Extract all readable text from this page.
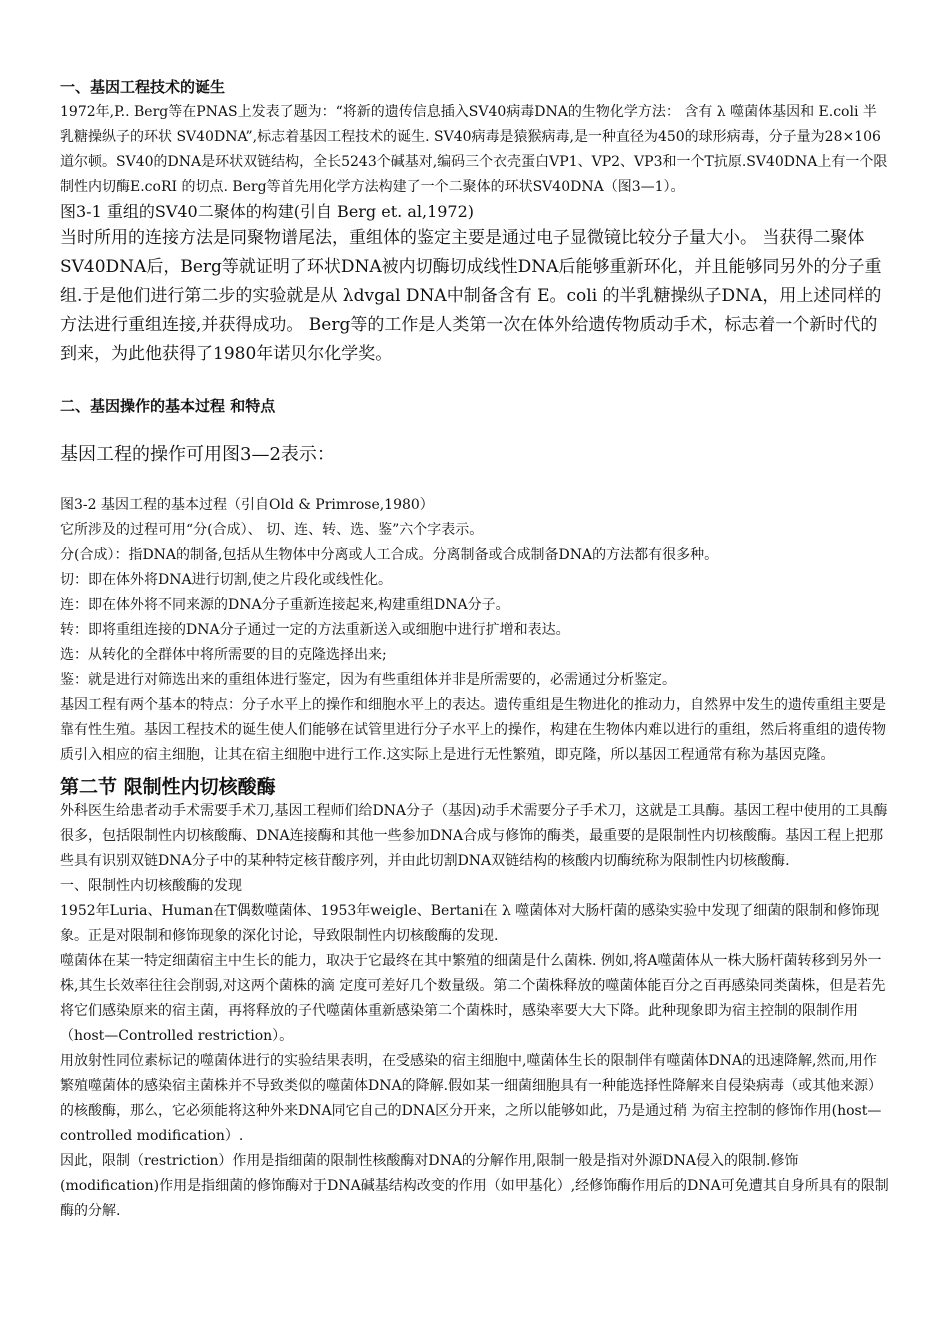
一、基因工程技术的诞生
1972年,P.. Berg等在PNAS上发表了题为：“将新的遗传信息插入SV40病毒DNA的生物化学方法： 含有 λ 噬菌体基因和 E.coli 半乳糖操纵子的环状 SV40DNA”,标志着基因工程技术的诞生. SV40病毒是猿猴病毒,是一种直径为450的球形病毒，分子量为28×106道尔顿。SV40的DNA是环状双链结构，全长5243个碱基对,编码三个衣壳蛋白VP1、VP2、VP3和一个T抗原.SV40DNA上有一个限制性内切酶E.coRⅠ 的切点. Berg等首先用化学方法构建了一个二聚体的环状SV40DNA（图3—1）。
图3-1 重组的SV40二聚体的构建(引自 Berg et. al,1972)
当时所用的连接方法是同聚物谱尾法，重组体的鉴定主要是通过电子显微镜比较分子量大小。 当获得二聚体SV40DNA后，Berg等就证明了环状DNA被内切酶切成线性DNA后能够重新环化，并且能够同另外的分子重组.于是他们进行第二步的实验就是从 λdvgal DNA中制备含有 E。coli 的半乳糖操纵子DNA，用上述同样的方法进行重组连接,并获得成功。 Berg等的工作是人类第一次在体外给遗传物质动手术，标志着一个新时代的到来，为此他获得了1980年诺贝尔化学奖。
二、基因操作的基本过程 和特点
基因工程的操作可用图3—2表示：
图3-2 基因工程的基本过程（引自Old & Primrose,1980）
它所涉及的过程可用“分(合成）、 切、连、转、选、鉴”六个字表示。
分(合成）：指DNA的制备,包括从生物体中分离或人工合成。分离制备或合成制备DNA的方法都有很多种。
切：即在体外将DNA进行切割,使之片段化或线性化。
连：即在体外将不同来源的DNA分子重新连接起来,构建重组DNA分子。
转：即将重组连接的DNA分子通过一定的方法重新送入或细胞中进行扩增和表达。
选：从转化的全群体中将所需要的目的克隆选择出来;
鉴：就是进行对筛选出来的重组体进行鉴定，因为有些重组体并非是所需要的，必需通过分析鉴定。
基因工程有两个基本的特点：分子水平上的操作和细胞水平上的表达。遗传重组是生物进化的推动力，自然界中发生的遗传重组主要是靠有性生殖。基因工程技术的诞生使人们能够在试管里进行分子水平上的操作，构建在生物体内难以进行的重组，然后将重组的遗传物质引入相应的宿主细胞，让其在宿主细胞中进行工作.这实际上是进行无性繁殖，即克隆，所以基因工程通常有称为基因克隆。
第二节 限制性内切核酸酶
外科医生给患者动手术需要手术刀,基因工程师们给DNA分子（基因)动手术需要分子手术刀，这就是工具酶。基因工程中使用的工具酶很多，包括限制性内切核酸酶、DNA连接酶和其他一些参加DNA合成与修饰的酶类，最重要的是限制性内切核酸酶。基因工程上把那些具有识别双链DNA分子中的某种特定核苷酸序列，并由此切割DNA双链结构的核酸内切酶统称为限制性内切核酸酶.
一、限制性内切核酸酶的发现
1952年Luria、Human在T偶数噬菌体、1953年weigle、Bertani在 λ 噬菌体对大肠杆菌的感染实验中发现了细菌的限制和修饰现象。正是对限制和修饰现象的深化讨论，导致限制性内切核酸酶的发现.
噬菌体在某一特定细菌宿主中生长的能力，取决于它最终在其中繁殖的细菌是什么菌株. 例如,将A噬菌体从一株大肠杆菌转移到另外一株,其生长效率往往会削弱,对这两个菌株的滴 定度可差好几个数量级。第二个菌株释放的噬菌体能百分之百再感染同类菌株，但是若先将它们感染原来的宿主菌，再将释放的子代噬菌体重新感染第二个菌株时，感染率要大大下降。此种现象即为宿主控制的限制作用（host—Controlled restriction）。
用放射性同位素标记的噬菌体进行的实验结果表明，在受感染的宿主细胞中,噬菌体生长的限制伴有噬菌体DNA的迅速降解,然而,用作繁殖噬菌体的感染宿主菌株并不导致类似的噬菌体DNA的降解.假如某一细菌细胞具有一种能选择性降解来自侵染病毒（或其他来源）的核酸酶，那么，它必须能将这种外来DNA同它自己的DNA区分开来，之所以能够如此，乃是通过稍 为宿主控制的修饰作用(host—controlled modification）.
因此，限制（restriction）作用是指细菌的限制性核酸酶对DNA的分解作用,限制一般是指对外源DNA侵入的限制.修饰(modification)作用是指细菌的修饰酶对于DNA碱基结构改变的作用（如甲基化）,经修饰酶作用后的DNA可免遭其自身所具有的限制酶的分解.
